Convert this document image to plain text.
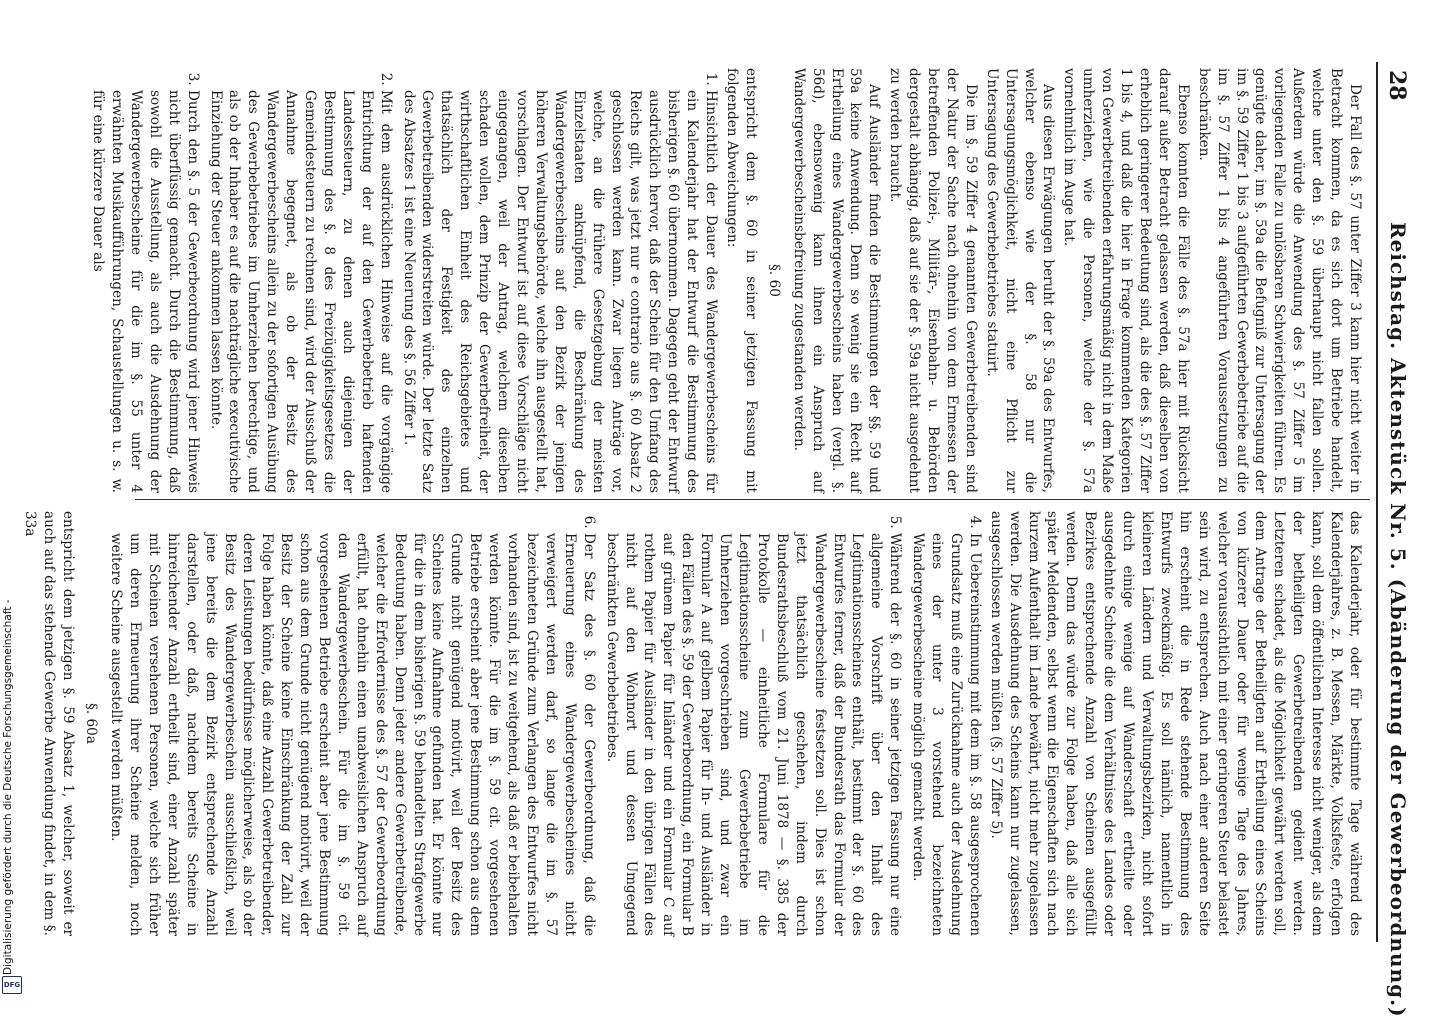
Digitalisierung gefördert durch die Deutsche Forschungsgemeinschaft -
DFG
28
Reichstag. Aktenstück Nr. 5. (Abänderung der Gewerbeordnung.)

Der Fall des §. 57 unter Ziffer 3 kann hier nicht weiter in Betracht kommen, da es sich dort um Betriebe handelt, welche unter den §. 59 überhaupt nicht fallen sollen. Außerdem würde die Anwendung des §. 57 Ziffer 5 im vorliegenden Falle zu unlösbaren Schwierigkeiten führen. Es genügte daher, im §. 59a die Befugniß zur Untersagung der im §. 59 Ziffer 1 bis 3 aufgeführten Gewerbebetriebe auf die im §. 57 Ziffer 1 bis 4 angeführten Voraussetzungen zu beschränken.

Ebenso konnten die Fälle des §. 57a hier mit Rücksicht darauf außer Betracht gelassen werden, daß dieselben von erheblich geringerer Bedeutung sind, als die des §. 57 Ziffer 1 bis 4, und daß die hier in Frage kommenden Kategorien von Gewerbetreibenden erfahrungsmäßig nicht in dem Maße umherziehen, wie die Personen, welche der §. 57a vornehmlich im Auge hat.

Aus diesen Erwägungen beruht der §. 59a des Entwurfes, welcher ebenso wie der §. 58 nur die Untersagungsmöglichkeit, nicht eine Pflicht zur Untersagung des Gewerbebetriebes statuirt.

Die im §. 59 Ziffer 4 genannten Gewerbetreibenden sind der Natur der Sache nach ohnehin von dem Ermessen der betreffenden Polizei-, Militär-, Eisenbahn- u. Behörden dergestalt abhängig, daß auf sie der §. 59a nicht ausgedehnt zu werden braucht.

Auf Ausländer finden die Bestimmungen der §§. 59 und 59a keine Anwendung. Denn so wenig sie ein Recht auf Ertheilung eines Wandergewerbescheins haben (vergl. §. 56d), ebensowenig kann ihnen ein Anspruch auf Wandergewerbescheinsbefreiung zugestanden werden.

§. 60

entspricht dem §. 60 in seiner jetzigen Fassung mit folgenden Abweichungen:

1. Hinsichtlich der Dauer des Wandergewerbescheins für ein Kalenderjahr hat der Entwurf die Bestimmung des bisherigen §. 60 übernommen. Dagegen geht der Entwurf ausdrücklich hervor, daß der Schein für den Umfang des Reichs gilt, was jetzt nur e contrario aus §. 60 Absatz 2 geschlossen werden kann. Zwar liegen Anträge vor, welche, an die frühere Gesetzgebung der meisten Einzelstaaten anknüpfend, die Beschränkung des Wandergewerbescheins auf den Bezirk der jenigen höheren Verwaltungsbehörde, welche ihn ausgestellt hat, vorschlagen. Der Entwurf ist auf diese Vorschläge nicht eingegangen, weil der Antrag, welchem dieselben schaden wollen, dem Prinzip der Gewerbefreiheit, der wirthschaftlichen Einheit des Reichsgebietes und thatsächlich der Festigkeit des einzelnen Gewerbetreibenden widerstreiten würde. Der letzte Satz des Absatzes 1 ist eine Neuerung des §. 56 Ziffer 1.
2. Mit dem ausdrücklichen Hinweise auf die vorgängige Entrichtung der auf den Gewerbebetrieb haftenden Landessteuern, zu denen auch diejenigen der Bestimmung des §. 8 des Freizügigkeitsgesetzes die Gemeindesteuern zu rechnen sind, wird der Ausschuß der Annahme begegnet, als ob der Besitz des Wandergewerbescheins allein zu der sofortigen Ausübung des Gewerbebetriebes im Umherziehen berechtige, und als ob der Inhaber es auf die nachträgliche executivische Einziehung der Steuer ankommen lassen könnte.
3. Durch den §. 5 der Gewerbeordnung wird jener Hinweis nicht überflüssig gemacht. Durch die Bestimmung, daß sowohl die Ausstellung, als auch die Ausdehnung der Wandergewerbescheine für die im §. 55 unter 4 erwähnten Musikaufführungen, Schaustellungen u. s. w. für eine kürzere Dauer als

das Kalenderjahr, oder für bestimmte Tage während des Kalenderjahres, z. B. Messen, Märkte, Volksfeste, erfolgen kann, soll dem öffentlichen Interesse nicht weniger, als dem der betheiligten Gewerbetreibenden gedient werden. Letzteren schadet, als die Möglichkeit gewährt werden soll, dem Antrage der Betheiligten auf Ertheilung eines Scheins von kürzerer Dauer oder für wenige Tage des Jahres, welcher voraussichtlich mit einer geringeren Steuer belastet sein wird, zu entsprechen. Auch nach einer anderen Seite hin erscheint die in Rede stehende Bestimmung des Entwurfs zweckmäßig. Es soll nämlich, namentlich in kleineren Ländern und Verwaltungsbezirken, nicht sofort durch einige wenige auf Wanderschaft ertheilte oder ausgedehnte Scheine die dem Verhältnisse des Landes oder Bezirkes entsprechende Anzahl von Scheinen ausgefüllt werden. Denn das würde zur Folge haben, daß alle sich später Meldenden, selbst wenn die Eigenschaften sich nach kurzem Aufenthalt im Lande bewährt, nicht mehr zugelassen werden. Die Ausdehnung des Scheins kann nur zugelassen, ausgeschlossen werden müßten (§. 57 Ziffer 5).

4. In Uebereinstimmung mit dem im §. 58 ausgesprochenen Grundsatz muß eine Zurücknahme auch der Ausdehnung eines der unter 3 vorstehend bezeichneten Wandergewerbescheine möglich gemacht werden.
5. Während der §. 60 in seiner jetzigen Fassung nur eine allgemeine Vorschrift über den Inhalt des Legitimationsscheines enthält, bestimmt der §. 60 des Entwurfes ferner, daß der Bundesrath das Formular der Wandergewerbescheine festsetzen soll. Dies ist schon jetzt thatsächlich geschehen, indem durch Bundesrathsbeschluß vom 21. Juni 1878 — §. 385 der Protokolle — einheitliche Formulare für die Legitimationsscheine zum Gewerbebetriebe im Umherziehen vorgeschrieben sind, und zwar ein Formular A auf gelbem Papier für In- und Ausländer in den Fällen des §. 59 der Gewerbeordnung, ein Formular B auf grünem Papier für Inländer und ein Formular C auf rothem Papier für Ausländer in den übrigen Fällen des nicht auf den Wohnort und dessen Umgegend beschränkten Gewerbebetriebes.
6. Der Satz des §. 60 der Gewerbeordnung, daß die Erneuerung eines Wandergewerbescheines nicht verweigert werden darf, so lange die im §. 57 bezeichneten Gründe zum Verlangen des Entwurfes nicht vorhanden sind, ist zu weitgehend, als daß er beibehalten werden könnte. Für die im §. 59 cit. vorgesehenen Betriebe erscheint aber jene Bestimmung schon aus dem Grunde nicht genügend motivirt, weil der Besitz des Scheines keine Aufnahme gefunden hat. Er könnte nur für die in dem bisherigen §. 59 behandelten Strafgewerbe Bedeutung haben. Denn jeder andere Gewerbetreibende, welcher die Erfordernisse des §. 57 der Gewerbeordnung erfüllt, hat ohnehin einen unabweislichen Anspruch auf den Wandergewerbeschein. Für die im §. 59 cit. vorgesehenen Betriebe erscheint aber jene Bestimmung schon aus dem Grunde nicht genügend motivirt, weil der Besitz der Scheine keine Einschränkung der Zahl zur Folge haben könnte, daß eine Anzahl Gewerbetreibender, deren Leistungen bedürfnisse möglicherweise, als ob der Besitz des Wandergewerbeschein ausschließlich, weil jene bereits die dem Bezirk entsprechende Anzahl darstellen, oder daß, nachdem bereits Scheine in hinreichender Anzahl ertheilt sind, einer Anzahl später mit Scheinen versehenen Personen, welche sich früher um deren Erneuerung ihrer Scheine melden, noch weitere Scheine ausgestellt werden müßten.
§. 60a

entspricht dem jetzigen §. 59 Absatz 1, welcher, soweit er auch auf das stehende Gewerbe Anwendung findet, in dem §. 33a
